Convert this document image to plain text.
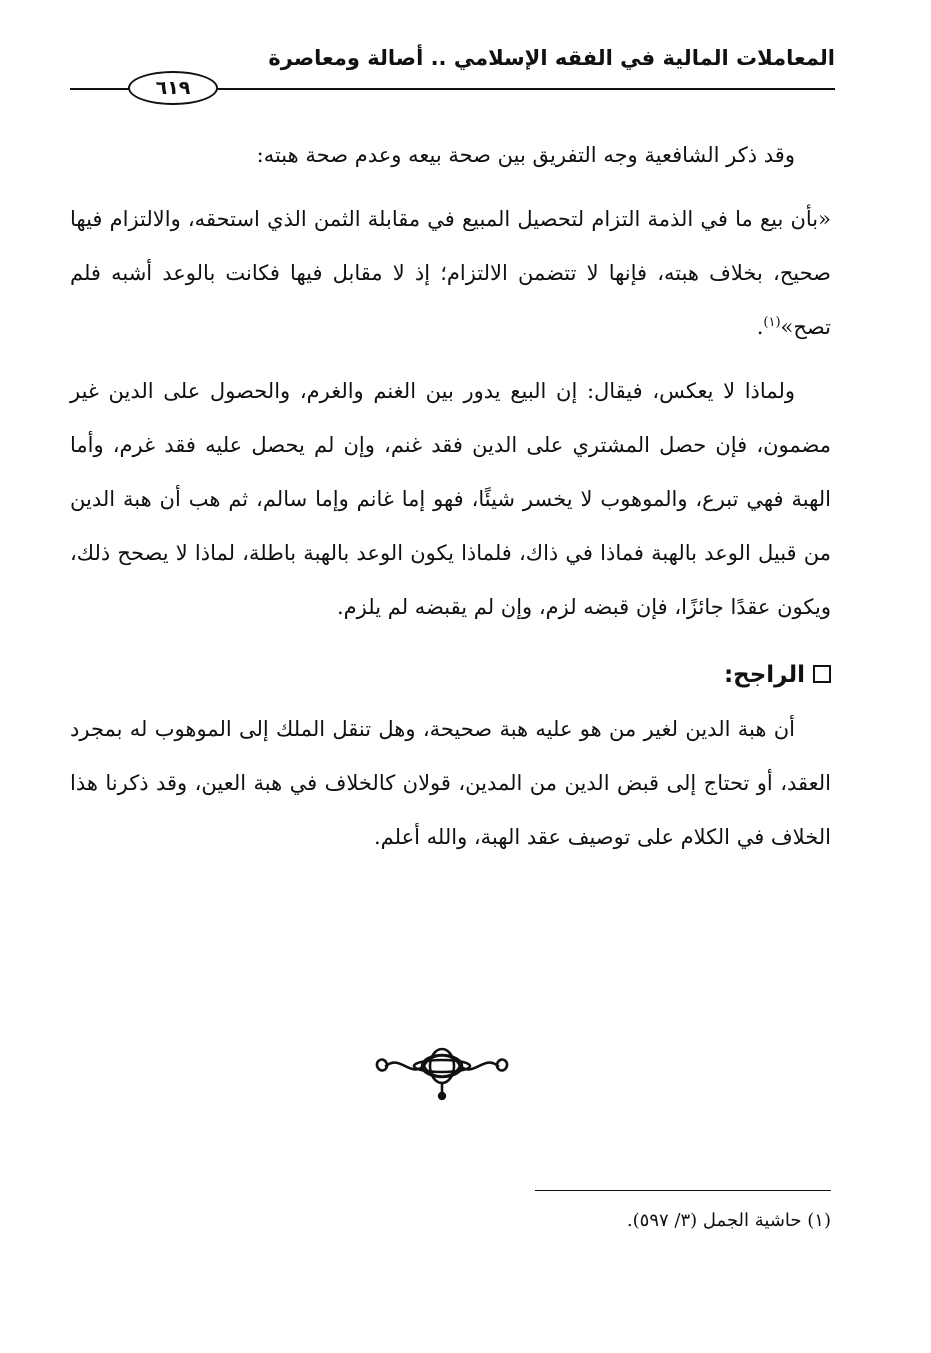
المعاملات المالية في الفقه الإسلامي .. أصالة ومعاصرة
٦١٩

وقد ذكر الشافعية وجه التفريق بين صحة بيعه وعدم صحة هبته:

«بأن بيع ما في الذمة التزام لتحصيل المبيع في مقابلة الثمن الذي استحقه، والالتزام فيها صحيح، بخلاف هبته، فإنها لا تتضمن الالتزام؛ إذ لا مقابل فيها فكانت بالوعد أشبه فلم تصح»$^{(١)}$.

ولماذا لا يعكس، فيقال: إن البيع يدور بين الغنم والغرم، والحصول على الدين غير مضمون، فإن حصل المشتري على الدين فقد غنم، وإن لم يحصل عليه فقد غرم، وأما الهبة فهي تبرع، والموهوب لا يخسر شيئًا، فهو إما غانم وإما سالم، ثم هب أن هبة الدين من قبيل الوعد بالهبة فماذا في ذاك، فلماذا يكون الوعد بالهبة باطلة، لماذا لا يصحح ذلك، ويكون عقدًا جائزًا، فإن قبضه لزم، وإن لم يقبضه لم يلزم.

الراجح:

أن هبة الدين لغير من هو عليه هبة صحيحة، وهل تنقل الملك إلى الموهوب له بمجرد العقد، أو تحتاج إلى قبض الدين من المدين، قولان كالخلاف في هبة العين، وقد ذكرنا هذا الخلاف في الكلام على توصيف عقد الهبة، والله أعلم.

(١) حاشية الجمل (٣/ ٥٩٧).
